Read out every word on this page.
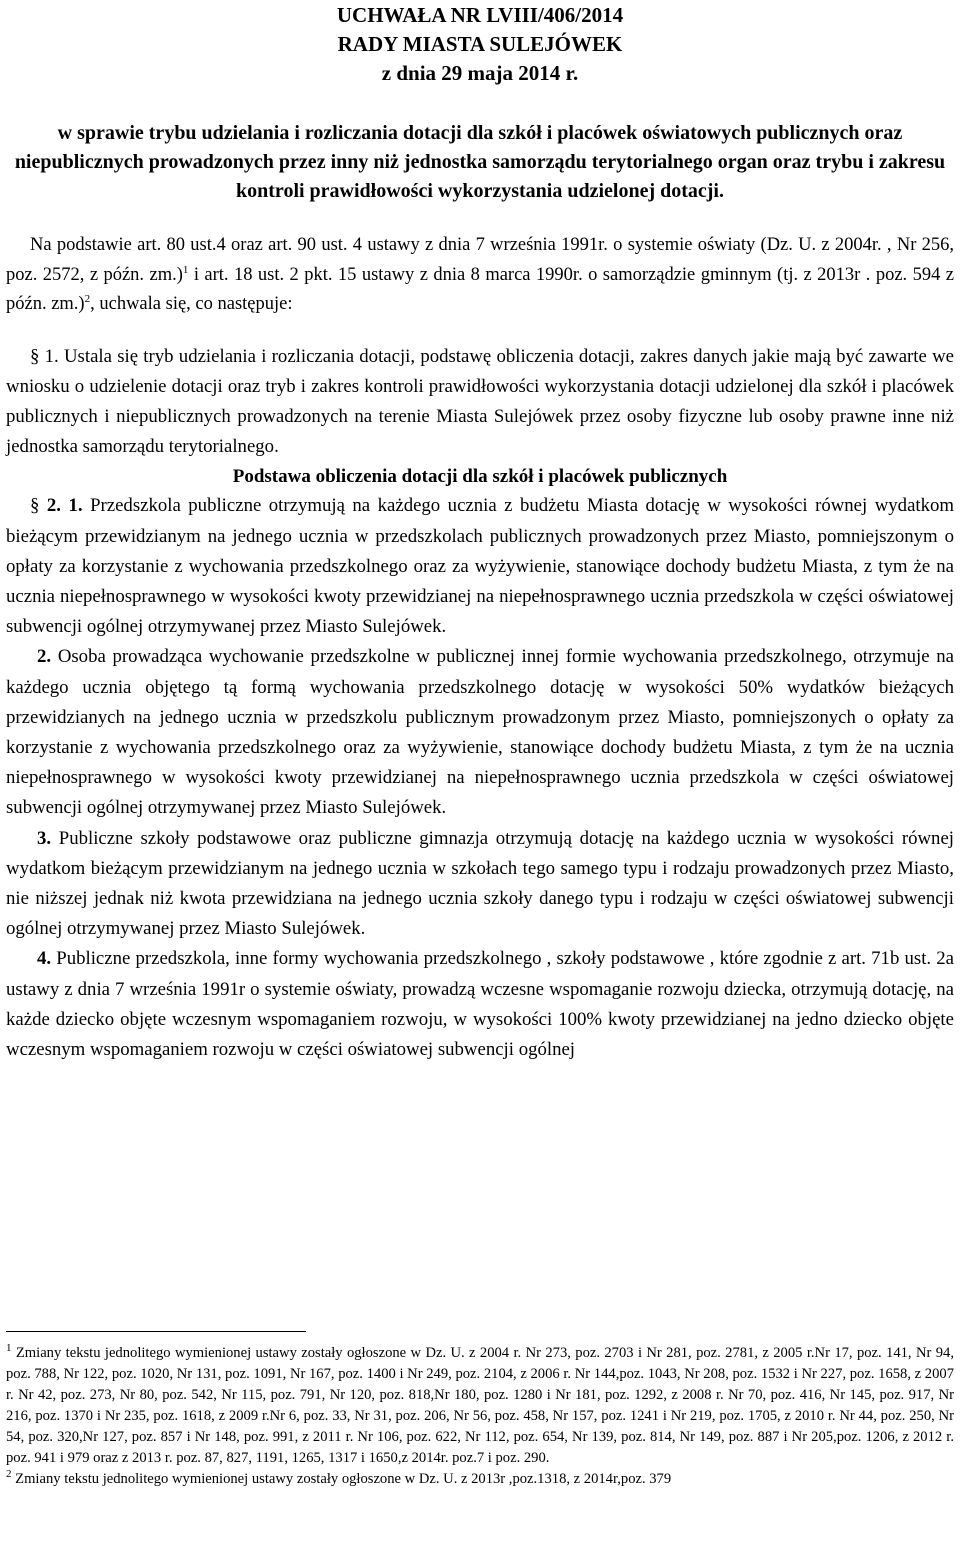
UCHWAŁA NR LVIII/406/2014
RADY MIASTA SULEJÓWEK
z dnia 29 maja 2014 r.
w sprawie trybu udzielania i rozliczania dotacji dla szkół i placówek oświatowych publicznych oraz niepublicznych prowadzonych przez inny niż jednostka samorządu terytorialnego organ oraz trybu i zakresu kontroli prawidłowości wykorzystania udzielonej dotacji.
Na podstawie art. 80 ust.4 oraz art. 90 ust. 4 ustawy z dnia 7 września 1991r. o systemie oświaty (Dz. U. z 2004r. , Nr 256, poz. 2572, z późn. zm.)$^1$ i art. 18 ust. 2 pkt. 15 ustawy z dnia 8 marca 1990r. o samorządzie gminnym (tj. z 2013r . poz. 594 z późn. zm.)$^2$, uchwala się, co następuje:

§ 1. Ustala się tryb udzielania i rozliczania dotacji, podstawę obliczenia dotacji, zakres danych jakie mają być zawarte we wniosku o udzielenie dotacji oraz tryb i zakres kontroli prawidłowości wykorzystania dotacji udzielonej dla szkół i placówek publicznych i niepublicznych prowadzonych na terenie Miasta Sulejówek przez osoby fizyczne lub osoby prawne inne niż jednostka samorządu terytorialnego.

Podstawa obliczenia dotacji dla szkół i placówek publicznych

§ 2. 1. Przedszkola publiczne otrzymują na każdego ucznia z budżetu Miasta dotację w wysokości równej wydatkom bieżącym przewidzianym na jednego ucznia w przedszkolach publicznych prowadzonych przez Miasto, pomniejszonym o opłaty za korzystanie z wychowania przedszkolnego oraz za wyżywienie, stanowiące dochody budżetu Miasta, z tym że na ucznia niepełnosprawnego w wysokości kwoty przewidzianej na niepełnosprawnego ucznia przedszkola w części oświatowej subwencji ogólnej otrzymywanej przez Miasto Sulejówek.

2. Osoba prowadząca wychowanie przedszkolne w publicznej innej formie wychowania przedszkolnego, otrzymuje na każdego ucznia objętego tą formą wychowania przedszkolnego dotację w wysokości 50% wydatków bieżących przewidzianych na jednego ucznia w przedszkolu publicznym prowadzonym przez Miasto, pomniejszonych o opłaty za korzystanie z wychowania przedszkolnego oraz za wyżywienie, stanowiące dochody budżetu Miasta, z tym że na ucznia niepełnosprawnego w wysokości kwoty przewidzianej na niepełnosprawnego ucznia przedszkola w części oświatowej subwencji ogólnej otrzymywanej przez Miasto Sulejówek.

3. Publiczne szkoły podstawowe oraz publiczne gimnazja otrzymują dotację na każdego ucznia w wysokości równej wydatkom bieżącym przewidzianym na jednego ucznia w szkołach tego samego typu i rodzaju prowadzonych przez Miasto, nie niższej jednak niż kwota przewidziana na jednego ucznia szkoły danego typu i rodzaju w części oświatowej subwencji ogólnej otrzymywanej przez Miasto Sulejówek.

4. Publiczne przedszkola, inne formy wychowania przedszkolnego , szkoły podstawowe , które zgodnie z art. 71b ust. 2a ustawy z dnia 7 września 1991r o systemie oświaty, prowadzą wczesne wspomaganie rozwoju dziecka, otrzymują dotację, na każde dziecko objęte wczesnym wspomaganiem rozwoju, w wysokości 100% kwoty przewidzianej na jedno dziecko objęte wczesnym wspomaganiem rozwoju w części oświatowej subwencji ogólnej

$^1$ Zmiany tekstu jednolitego wymienionej ustawy zostały ogłoszone w Dz. U. z 2004 r. Nr 273, poz. 2703 i Nr 281, poz. 2781, z 2005 r.Nr 17, poz. 141, Nr 94, poz. 788, Nr 122, poz. 1020, Nr 131, poz. 1091, Nr 167, poz. 1400 i Nr 249, poz. 2104, z 2006 r. Nr 144,poz. 1043, Nr 208, poz. 1532 i Nr 227, poz. 1658, z 2007 r. Nr 42, poz. 273, Nr 80, poz. 542, Nr 115, poz. 791, Nr 120, poz. 818,Nr 180, poz. 1280 i Nr 181, poz. 1292, z 2008 r. Nr 70, poz. 416, Nr 145, poz. 917, Nr 216, poz. 1370 i Nr 235, poz. 1618, z 2009 r.Nr 6, poz. 33, Nr 31, poz. 206, Nr 56, poz. 458, Nr 157, poz. 1241 i Nr 219, poz. 1705, z 2010 r. Nr 44, poz. 250, Nr 54, poz. 320,Nr 127, poz. 857 i Nr 148, poz. 991, z 2011 r. Nr 106, poz. 622, Nr 112, poz. 654, Nr 139, poz. 814, Nr 149, poz. 887 i Nr 205,poz. 1206, z 2012 r. poz. 941 i 979 oraz z 2013 r. poz. 87, 827, 1191, 1265, 1317 i 1650,z 2014r. poz.7 i poz. 290.

$^2$ Zmiany tekstu jednolitego wymienionej ustawy zostały ogłoszone w Dz. U. z 2013r ,poz.1318, z 2014r,poz. 379
